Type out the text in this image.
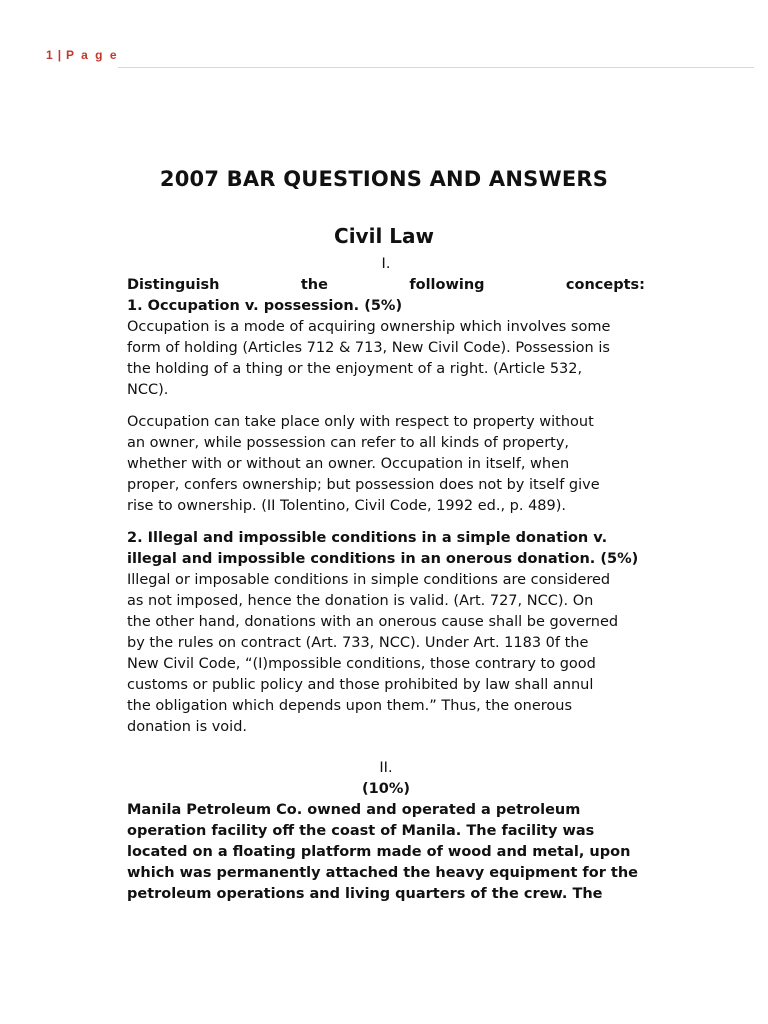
1 | P a g e
2007 BAR QUESTIONS AND ANSWERS
Civil Law

I.

Distinguish	the	following	concepts:

1. Occupation v. possession. (5%)

Occupation is a mode of acquiring ownership which involves some

form of holding (Articles 712 & 713, New Civil Code). Possession is

the holding of a thing or the enjoyment of a right. (Article 532,

NCC).

Occupation can take place only with respect to property without

an owner, while possession can refer to all kinds of property,

whether with or without an owner. Occupation in itself, when

proper, confers ownership; but possession does not by itself give

rise to ownership. (II Tolentino, Civil Code, 1992 ed., p. 489).

2. Illegal and impossible conditions in a simple donation v.

illegal and impossible conditions in an onerous donation. (5%)

Illegal or imposable conditions in simple conditions are considered

as not imposed, hence the donation is valid. (Art. 727, NCC). On

the other hand, donations with an onerous cause shall be governed

by the rules on contract (Art. 733, NCC). Under Art. 1183 0f the

New Civil Code, “(I)mpossible conditions, those contrary to good

customs or public policy and those prohibited by law shall annul

the obligation which depends upon them.” Thus, the onerous

donation is void.

II.

(10%)

Manila Petroleum Co. owned and operated a petroleum

operation facility off the coast of Manila. The facility was

located on a floating platform made of wood and metal, upon

which was permanently attached the heavy equipment for the

petroleum operations and living quarters of the crew. The
